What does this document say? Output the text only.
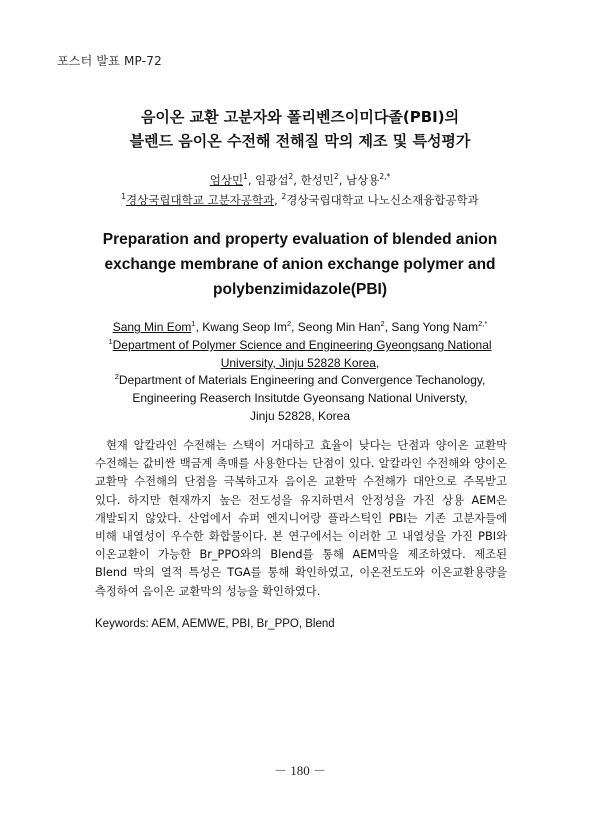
포스터 발표 MP-72
음이온 교환 고분자와 폴리벤즈이미다졸(PBI)의
블렌드 음이온 수전해 전해질 막의 제조 및 특성평가
엄상민$^1$, 임광섭$^2$, 한성민$^2$, 남상용$^{2,*}$
$^1$경상국립대학교 고분자공학과, $^2$경상국립대학교 나노신소재융합공학과
Preparation and property evaluation of blended anion
exchange membrane of anion exchange polymer and
polybenzimidazole(PBI)
Sang Min Eom$^1$, Kwang Seop Im$^2$, Seong Min Han$^2$, Sang Yong Nam$^{2,*}$
$^1$Department of Polymer Science and Engineering Gyeongsang National
University, Jinju 52828 Korea,
$^2$Department of Materials Engineering and Convergence Techanology,
Engineering Reaserch Insitutde Gyeonsang National Universty,
Jinju 52828, Korea

현재 알칼라인 수전해는 스택이 거대하고 효율이 낮다는 단점과 양이온 교환막 수전해는 값비싼 백금계 촉매를 사용한다는 단점이 있다. 알칼라인 수전해와 양이온 교환막 수전해의 단점을 극복하고자 음이온 교환막 수전해가 대안으로 주목받고 있다. 하지만 현재까지 높은 전도성을 유지하면서 안정성을 가진 상용 AEM은 개발되지 않았다. 산업에서 슈퍼 엔지니어랑 플라스틱인 PBI는 기존 고분자들에 비해 내열성이 우수한 화합물이다. 본 연구에서는 이러한 고 내열성을 가진 PBI와 이온교환이 가능한 Br_PPO와의 Blend를 통해 AEM막을 제조하였다. 제조된 Blend 막의 열적 특성은 TGA를 통해 확인하였고, 이온전도도와 이온교환용량을 측정하여 음이온 교환막의 성능을 확인하였다.

Keywords: AEM, AEMWE, PBI, Br_PPO, Blend
－ 180 －
